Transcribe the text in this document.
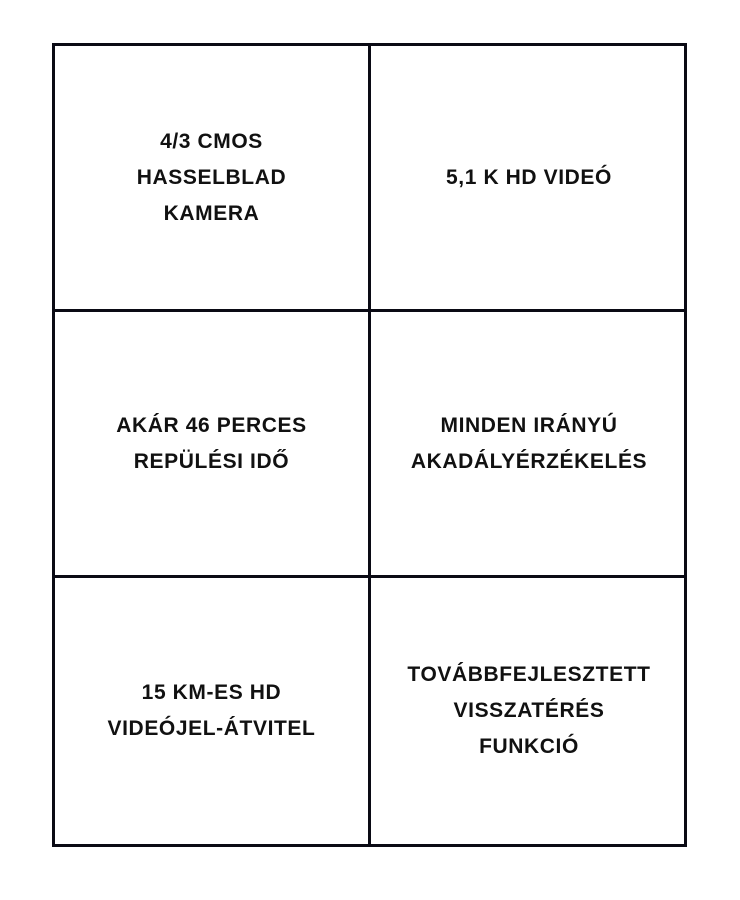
4/3 CMOS
HASSELBLAD
KAMERA
5,1 K HD VIDEÓ
AKÁR 46 PERCES
REPÜLÉSI IDŐ
MINDEN IRÁNYÚ
AKADÁLYÉRZÉKELÉS
15 KM-ES HD
VIDEÓJEL-ÁTVITEL
TOVÁBBFEJLESZTETT
VISSZATÉRÉS
FUNKCIÓ
